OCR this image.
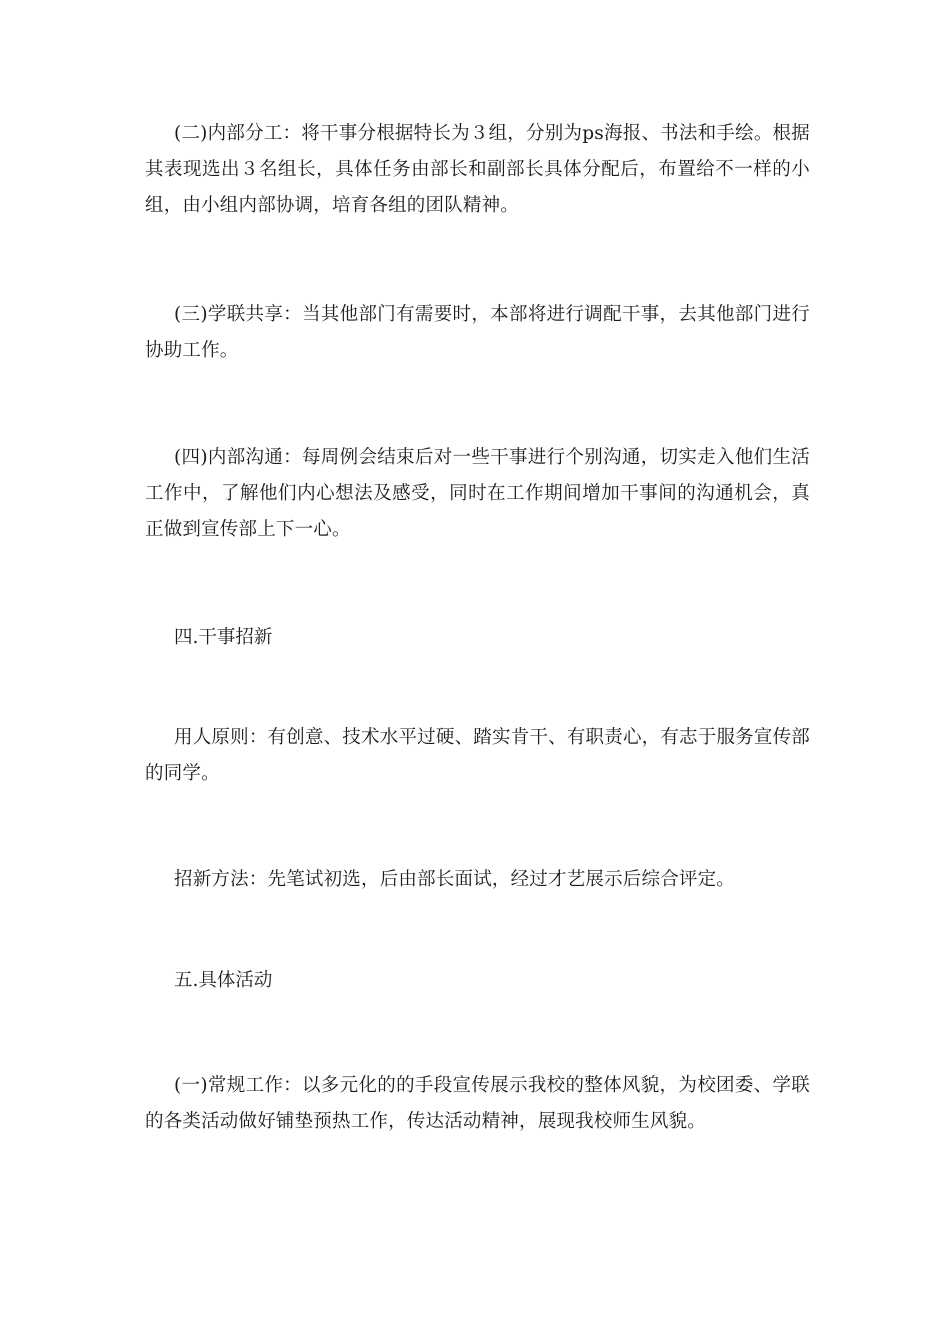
(二)内部分工：将干事分根据特长为３组，分别为ps海报、书法和手绘。根据其表现选出３名组长，具体任务由部长和副部长具体分配后，布置给不一样的小组，由小组内部协调，培育各组的团队精神。

(三)学联共享：当其他部门有需要时，本部将进行调配干事，去其他部门进行协助工作。

(四)内部沟通：每周例会结束后对一些干事进行个别沟通，切实走入他们生活工作中，了解他们内心想法及感受，同时在工作期间增加干事间的沟通机会，真正做到宣传部上下一心。

四.干事招新

用人原则：有创意、技术水平过硬、踏实肯干、有职责心，有志于服务宣传部的同学。

招新方法：先笔试初选，后由部长面试，经过才艺展示后综合评定。

五.具体活动

(一)常规工作：以多元化的的手段宣传展示我校的整体风貌，为校团委、学联的各类活动做好铺垫预热工作，传达活动精神，展现我校师生风貌。
